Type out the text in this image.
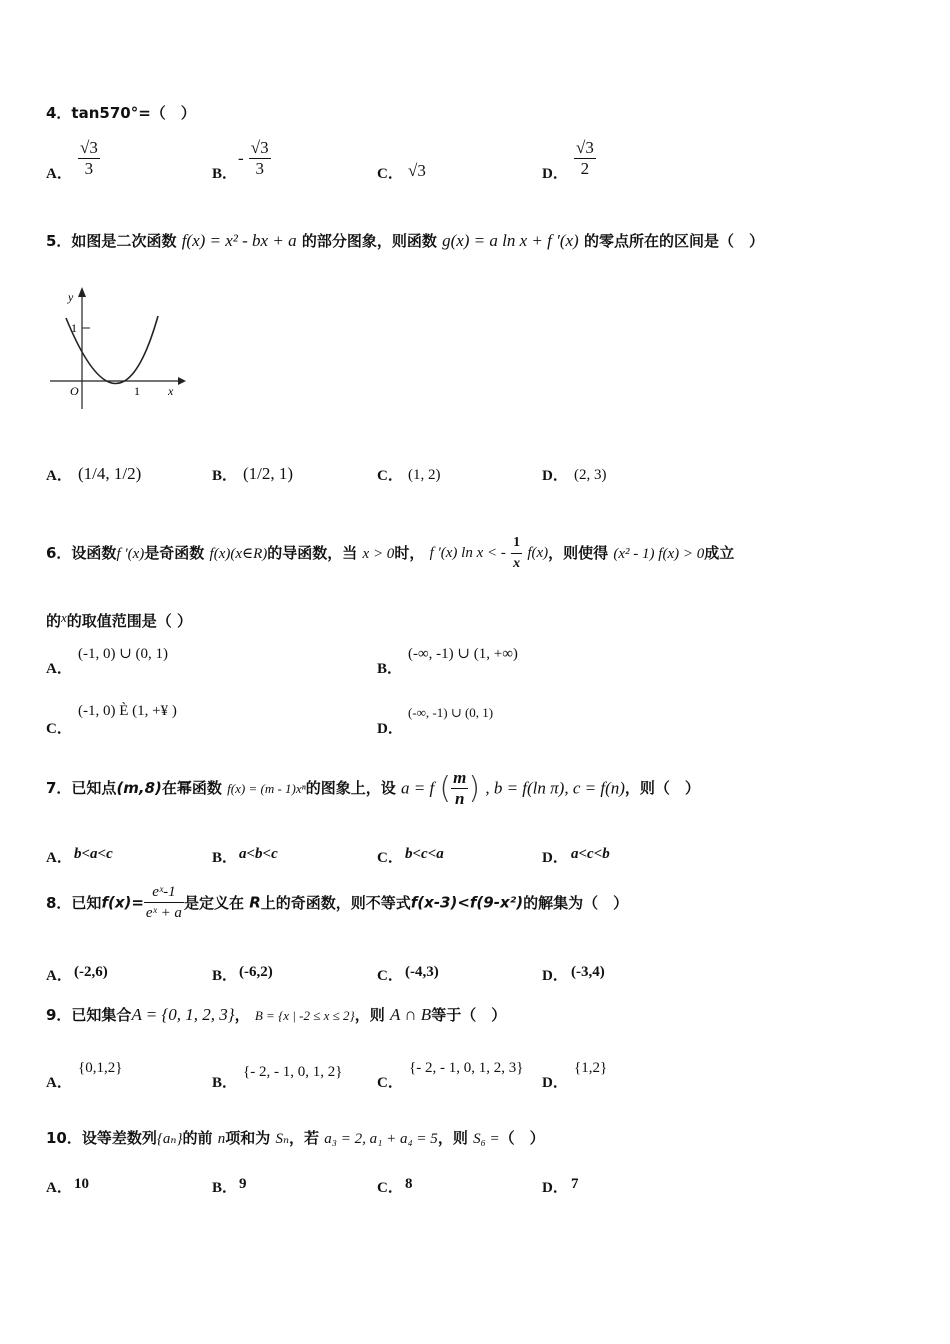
4．tan570°=（　）
A． $\frac{√3}{3}$	B．
- $\frac{√3}{3}$	C． √3	D． $\frac{√3}{2}$
5．如图是二次函数 f(x) = x² - bx + a 的部分图象，则函数 g(x) = a ln x + f ′(x) 的零点所在的区间是（　）
y
1
O	1 x
A． (1/4, 1/2)	B． (1/2, 1)	C． (1, 2)	D． (2, 3)
6．设函数f ′(x)是奇函数 f(x)(x∈R)的导函数，当 x > 0时， f ′(x) ln x < - $\frac{1}{x} f(x)$，则使得 (x² - 1) f(x) > 0成立
的x的取值范围是（ ）
A．
(-1, 0) ∪ (0, 1)
B．
(-∞, -1) ∪ (1, +∞)
C．
(-1, 0) È (1, +¥ )
D．
(-∞, -1) ∪ (0, 1)
7．已知点(m,8)在幂函数 f(x) = (m - 1)xⁿ的图象上，设 a = f ( $\frac{m}{n}$ ) , b = f(ln π), c = f(n)，则（　）
A． b<a<c	B． a<b<c	C． b<c<a	D． a<c<b
8．已知$f(x)= \frac{\text{eˣ-1}}{\text{eˣ + a}}$ 是定义在 R上的奇函数，则不等式f(x-3)<f(9-x²)的解集为（　）
A． (-2,6)	B． (-6,2)	C． (-4,3)	D． (-3,4)
9．已知集合A = {0, 1, 2, 3}， B = {x | -2 ≤ x ≤ 2}，则 A ∩ B等于（　）
A．
{0,1,2}
B．
{- 2, - 1, 0, 1, 2}
C．
{- 2, - 1, 0, 1, 2, 3}
D．
{1,2}
10．设等差数列{aₙ}的前 n项和为 Sₙ，若 a₃ = 2, a₁ + a₄ = 5，则 S₆ =（　）
A． 10	B． 9	C． 8	D． 7
